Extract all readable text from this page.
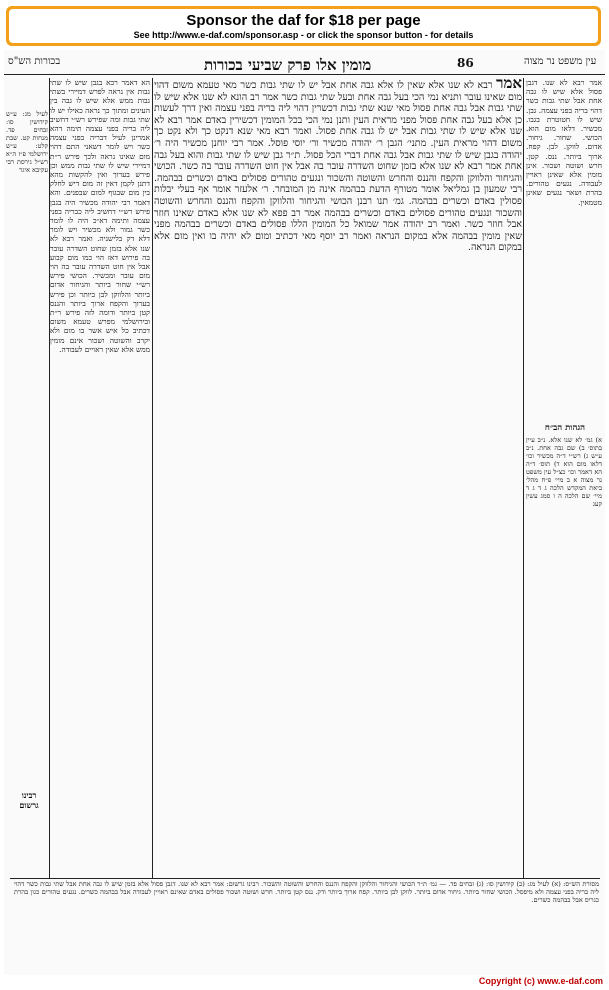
Sponsor the daf for $18 per page

See http://www.e-daf.com/sponsor.asp - or click the sponsor button - for details

בכורות הש"ס	מומין אלו פרק שביעי בכורות	86	עין משפט נר מצוה
אמר רבא לא שנו אלא שאין לו אלא גבה אחת אבל יש לו שתי גבות כשר מאי טעמא משום דהוי מום שאינו עובר ותניא נמי הכי בעל גבה אחת ובעל שתי גבות כשר אמר רב הונא לא שנו אלא שיש לו שתי גבות אבל גבה אחת פסול מאי שנא שתי גבות דכשרין דהוי ליה בריה בפני עצמה ואין דרך לעשות כן אלא בעל גבה אחת פסול מפני מראית העין ותנן נמי הכי בכל המומין דכשירין באדם אמר רבא לא שנו אלא שיש לו שתי גבות אבל יש לו גבה אחת פסול. ואמר רבא מאי שנא דנקט כך ולא נקט כך משום דהוי מראית העין. מתני׳ הגבן ר׳ יהודה מכשיר ור׳ יוסי פוסל. אמר רבי יוחנן מכשיר היה ר׳ יהודה בגבן שיש לו שתי גבות אבל גבה אחת דברי הכל פסול. ת״ר גבן שיש לו שתי גבות והוא בעל גבה אחת אמר רבא לא שנו אלא בזמן שחוט השדרה עובר בה אבל אין חוט השדרה עובר בה כשר. הכושי והגיחור והלווקן והקפח והננס והחרש והשוטה והשכור ונגעים טהורים פסולים באדם וכשרים בבהמה. רבי שמעון בן גמליאל אומר מטורף הדעת בבהמה אינה מן המובחר. ר׳ אלעזר אומר אף בעלי יבלות פסולין באדם וכשרים בבהמה. גמ׳ תנו רבנן הכושי והגיחור והלווקן והקפח והננס והחרש והשוטה והשכור ונגעים טהורים פסולים באדם וכשרים בבהמה אמר רב פפא לא שנו אלא באדם שאינו חוזר אבל חוזר כשר. ואמר רב יהודה אמר שמואל כל המומין הללו פסולים באדם וכשרים בבהמה מפני שאין מומין בבהמה אלא במקום הנראה ואמר רב יוסף מאי דכתיב ומום לא יהיה בו ואין מום אלא במקום הנראה.
הא דאמר רבא בגבן שיש לו שתי גבות אין נראה לפרש דמיירי בשתי גבות ממש אלא שיש לו גבה בין העינים ומתוך כך נראה כאילו יש לו שתי גבות ומה שפירש רש״י דחשיב ליה בריה בפני עצמה תימה דהא אמרינן לעיל דבריה בפני עצמה כשר ויש לומר דשאני התם דהוי מום שאינו נראה ולכך פירש ר״ת דמיירי שיש לו שתי גבות ממש וכן פירש בערוך ואין להקשות מהא דתנן לקמן דאין זה מום דיש לחלק בין מום שבגוף למום שבפנים. והא דאמר רבי יהודה מכשיר היה בגבן פירש רש״י דחשיב ליה כבריה בפני עצמה ותימה דא״כ היה לו לומר כשר גמור ולא מכשיר ויש לומר דלא דק בלישניה. ואמר רבא לא שנו אלא בזמן שחוט השדרה עובר בה פירוש דאז הוי כמו מום קבוע אבל אין חוט השדרה עובר בה הוי מום עובר ומכשיר. הכושי פירש רש״י שחור ביותר והגיחור אדום ביותר והלווקן לבן ביותר וכן פירש בערוך והקפח ארוך ביותר והננס קטן ביותר ודומה לזה פירש ר״ת ובירושלמי מפרש טעמא משום דכתיב כל איש אשר בו מום ולא יקרב והשוטה ושכור אינם מומין ממש אלא שאין ראויים לעבודה.
אמר רבא לא שנו. דגבן פסול אלא שיש לו גבה אחת אבל שתי גבות כשר דהוי בריה בפני עצמה. גבן. שיש לו חטוטרת בגבו. מכשיר. דלאו מום הוא. הכושי. שחור. גיחור. אדום. לווקן. לבן. קפח. ארוך ביותר. ננס. קטן. חרש ושוטה ושכור. אינן מומין אלא שאינן ראויין לעבודה. נגעים טהורים. בהרת ושאר נגעים שאינן מטמאין.
לעיל מג: ע״ש קידושין סו: זבחים פד. מנחות קט. שבת קלט: ע״ש ירושלמי פ״ז ה״א רש״ל גירסת רבי עקיבא איגר
הגהות הב״ח
א) גמ׳ לא שנו אלא. נ״ב עיין בתוס׳ ב) שם גבה אחת. נ״ב ע״ש ג) רש״י ד״ה מכשיר וכו׳ דלאו מום הוא ד) תוס׳ ד״ה הא דאמר וכו׳ כצ״ל עין משפט נר מצוה א ב מיי׳ פ״ח מהל׳ ביאת המקדש הלכה ג ד ג ד מיי׳ שם הלכה ה ו סמג עשין קעג
רבינו גרשום
מסורת הש״ס: (א) לעיל מג: (ב) קידושין סו: (ג) זבחים פד. — גמ׳ ת״ר הכושי והגיחור והלווקן והקפח והננס והחרש והשוטה והשכור. רבינו גרשום: אמר רבא לא שנו. דגבן פסול אלא בזמן שיש לו גבה אחת אבל שתי גבות כשר דהוי ליה בריה בפני עצמה ולא מיפסל. הכושי שחור ביותר. גיחור אדום ביותר. לווקן לבן ביותר. קפח ארוך ביותר ודק. ננס קטן ביותר. חרש ושוטה ושכור פסולים באדם שאינם ראויין לעבודה אבל בבהמה כשרים. נגעים טהורים כגון בהרת כגריס אבל בבהמה כשרים.
Copyright (c) www.e-daf.com
